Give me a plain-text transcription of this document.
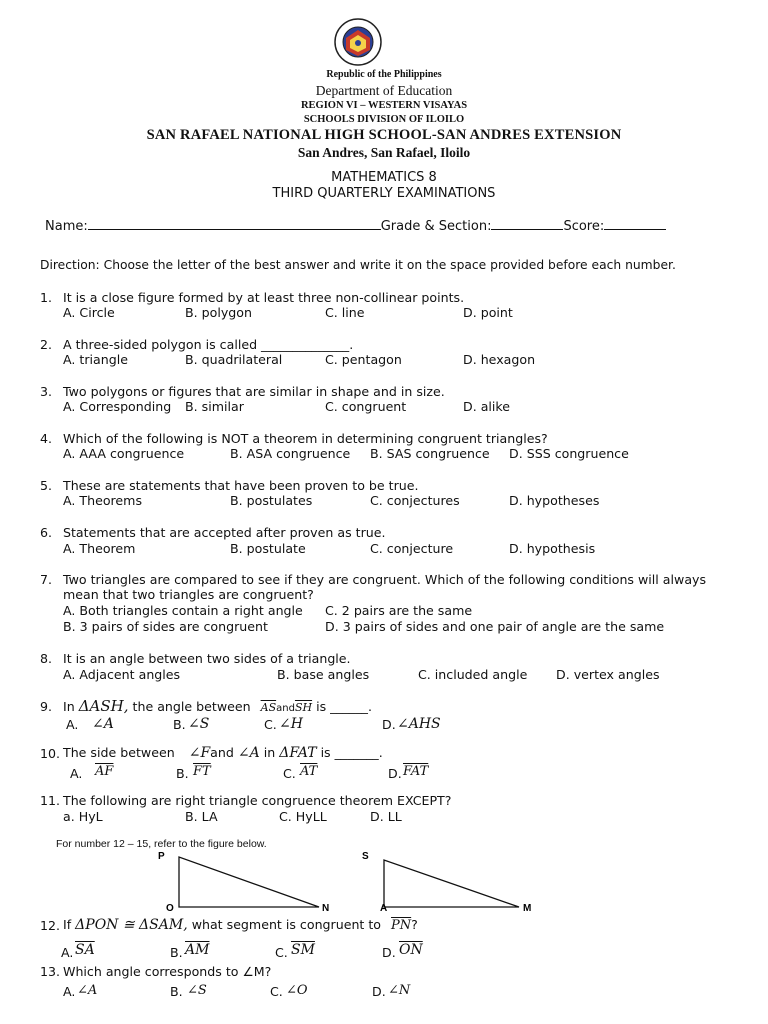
Republic of the Philippines
Department of Education
REGION VI – WESTERN VISAYAS
SCHOOLS DIVISION OF ILOILO
SAN RAFAEL NATIONAL HIGH SCHOOL-SAN ANDRES EXTENSION
San Andres, San Rafael, Iloilo
MATHEMATICS 8
THIRD QUARTERLY EXAMINATIONS
Name:	Grade & Section:	Score:
Direction: Choose the letter of the best answer and write it on the space provided before each number.
1. It is a close figure formed by at least three non-collinear points.
A. Circle	B. polygon	C. line	D. point
2. A three-sided polygon is called ______________.
A. triangle	B. quadrilateral	C. pentagon	D. hexagon
3. Two polygons or figures that are similar in shape and in size.
A. Corresponding B. similar	C. congruent	D. alike
4. Which of the following is NOT a theorem in determining congruent triangles?
A. AAA congruence	B. ASA congruence B. SAS congruence D. SSS congruence
5. These are statements that have been proven to be true.
A. Theorems	B. postulates	C. conjectures	D. hypotheses
6. Statements that are accepted after proven as true.
A. Theorem	B. postulate	C. conjecture	D. hypothesis
7. Two triangles are compared to see if they are congruent. Which of the following conditions will always
mean that two triangles are congruent?
A. Both triangles contain a right angle C. 2 pairs are the same
B. 3 pairs of sides are congruent	D. 3 pairs of sides and one pair of angle are the same
8. It is an angle between two sides of a triangle.
A. Adjacent angles	B. base angles	C. included angle D. vertex angles
9. In ΔASH, the angle between $\overline{AS}and\overline{SH}$ is ______.
A. ∠A	B. ∠S	C. ∠H	D. ∠AHS
10. The side between ∠Fand ∠A in ΔFAT is _______.
A. $\overline{AF}$	B. $\overline{FT}$	C. $\overline{AT}$	D. $\overline{FAT}$
11. The following are right triangle congruence theorem EXCEPT?
a. HyL	B. LA	C. HyLL	D. LL
For number 12 – 15, refer to the figure below.
P
O	N
S
A	M
12. If ΔPON ≅ ΔSAM, what segment is congruent to $\overline{PN}$?
A. $\overline{SA}$	B. $\overline{AM}$	C. $\overline{SM}$	D. $\overline{ON}$
13. Which angle corresponds to ∠M?
A. ∠A	B. ∠S	C. ∠O	D. ∠N
